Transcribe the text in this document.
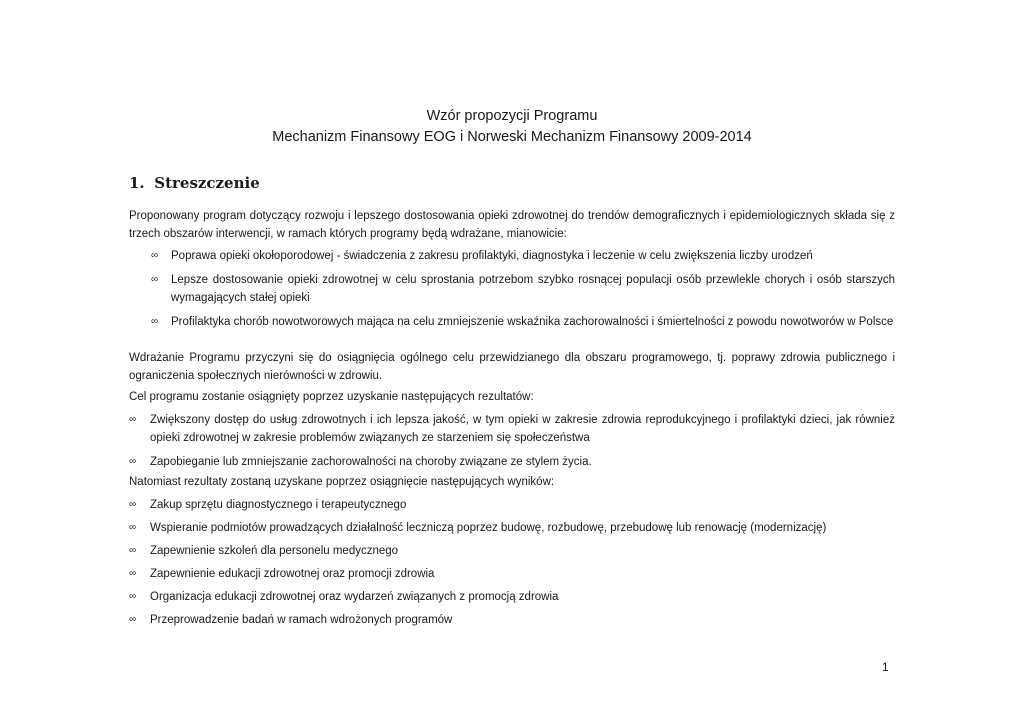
Wzór propozycji Programu
Mechanizm Finansowy EOG i Norweski Mechanizm Finansowy 2009-2014
1. Streszczenie
Proponowany program dotyczący rozwoju i lepszego dostosowania opieki zdrowotnej do trendów demograficznych i epidemiologicznych składa się z trzech obszarów interwencji, w ramach których programy będą wdrażane, mianowicie:
∞ Poprawa opieki okołoporodowej - świadczenia z zakresu profilaktyki, diagnostyka i leczenie w celu zwiększenia liczby urodzeń
∞ Lepsze dostosowanie opieki zdrowotnej w celu sprostania potrzebom szybko rosnącej populacji osób przewlekle chorych i osób starszych wymagających stałej opieki
∞ Profilaktyka chorób nowotworowych mająca na celu zmniejszenie wskaźnika zachorowalności i śmiertelności z powodu nowotworów w Polsce
Wdrażanie Programu przyczyni się do osiągnięcia ogólnego celu przewidzianego dla obszaru programowego, tj. poprawy zdrowia publicznego i ograniczenia społecznych nierówności w zdrowiu.
Cel programu zostanie osiągnięty poprzez uzyskanie następujących rezultatów:
∞ Zwiększony dostęp do usług zdrowotnych i ich lepsza jakość, w tym opieki w zakresie zdrowia reprodukcyjnego i profilaktyki dzieci, jak również opieki zdrowotnej w zakresie problemów związanych ze starzeniem się społeczeństwa
∞ Zapobieganie lub zmniejszanie zachorowalności na choroby związane ze stylem życia.
Natomiast rezultaty zostaną uzyskane poprzez osiągnięcie następujących wyników:
∞ Zakup sprzętu diagnostycznego i terapeutycznego
∞ Wspieranie podmiotów prowadzących działalność leczniczą poprzez budowę, rozbudowę, przebudowę lub renowację (modernizację)
∞ Zapewnienie szkoleń dla personelu medycznego
∞ Zapewnienie edukacji zdrowotnej oraz promocji zdrowia
∞ Organizacja edukacji zdrowotnej oraz wydarzeń związanych z promocją zdrowia
∞ Przeprowadzenie badań w ramach wdrożonych programów
1
